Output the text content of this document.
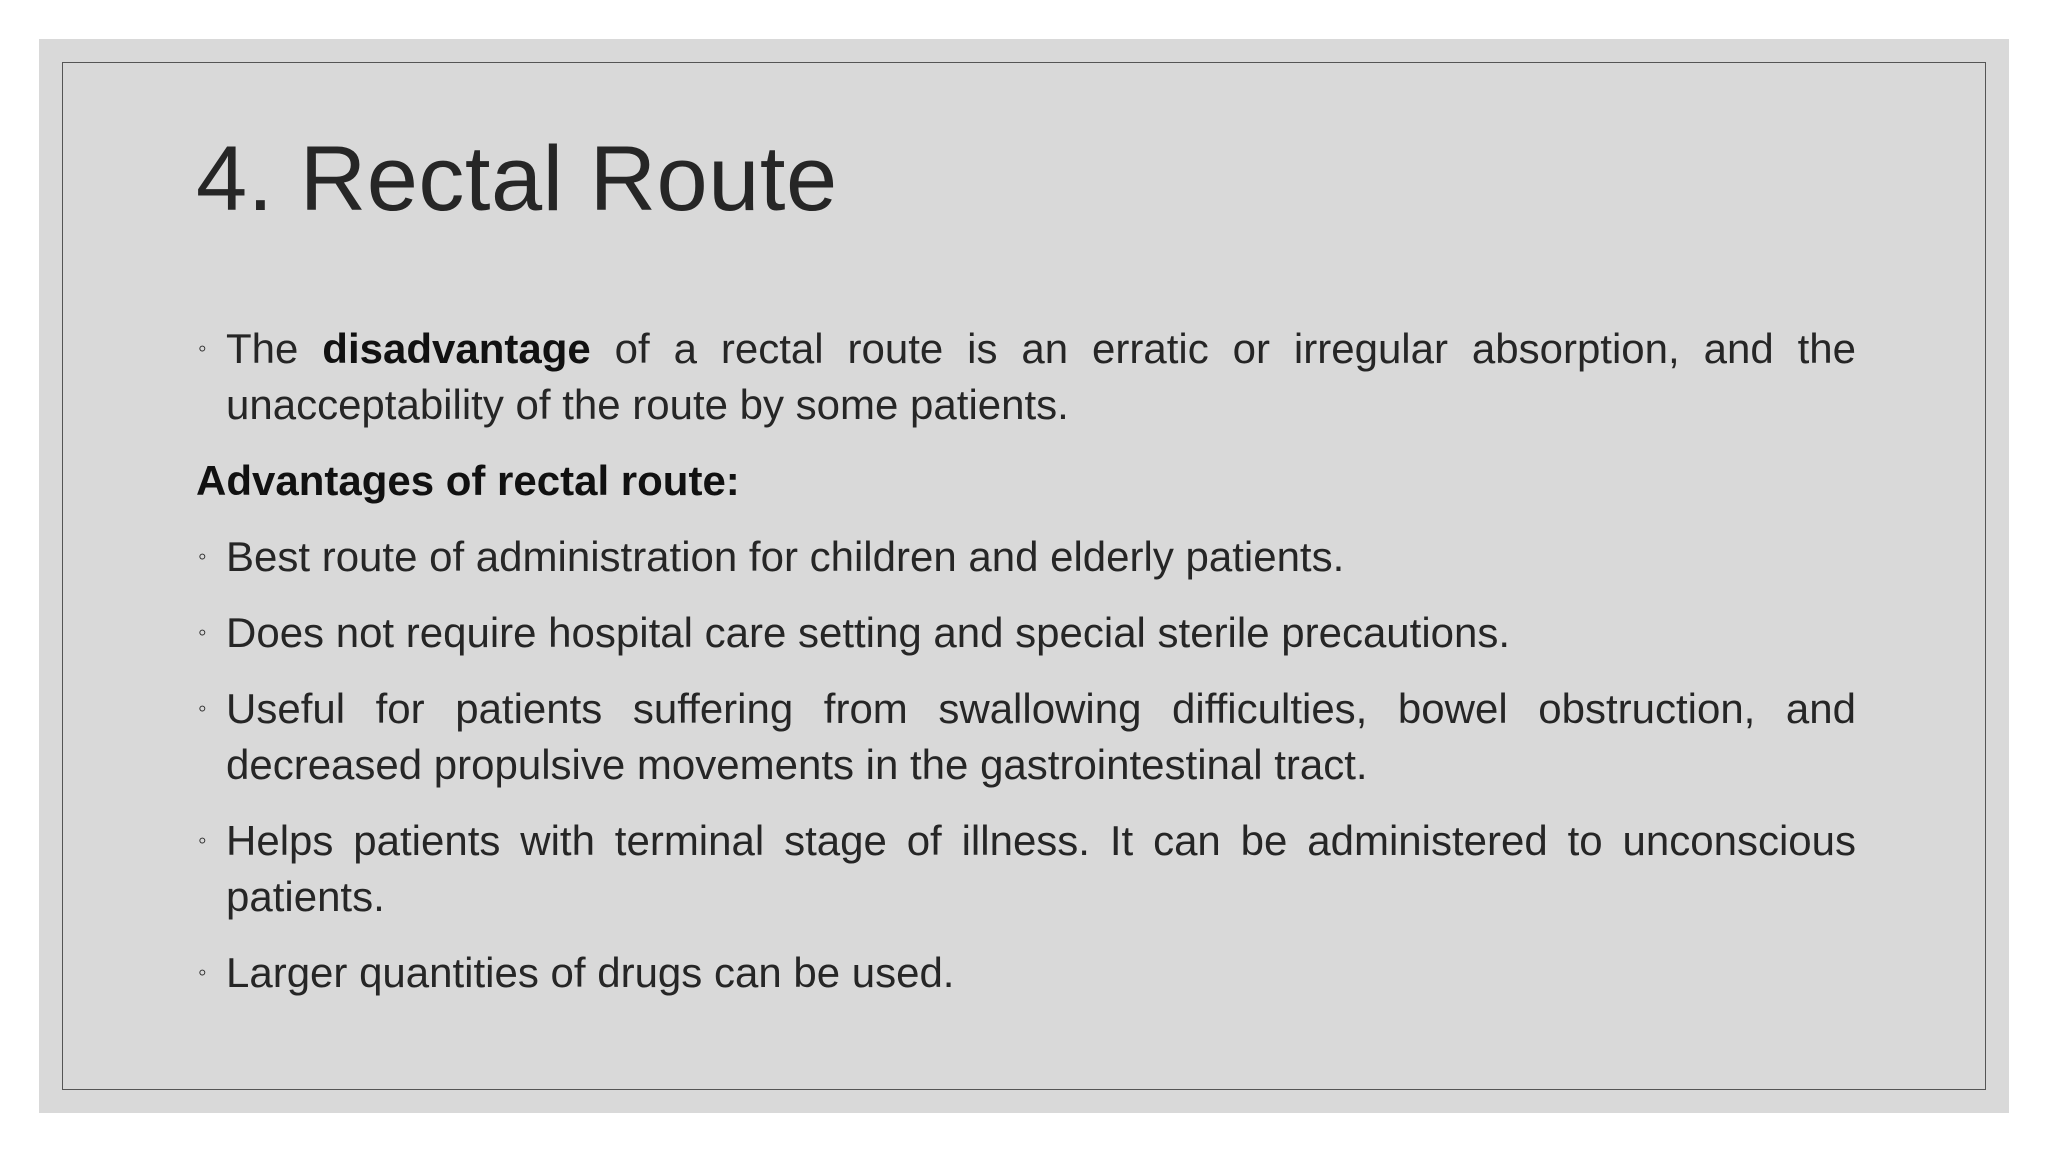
4. Rectal Route
◦ The disadvantage of a rectal route is an erratic or irregular absorption, and the unacceptability of the route by some patients.
Advantages of rectal route:
◦ Best route of administration for children and elderly patients.
◦ Does not require hospital care setting and special sterile precautions.
◦ Useful for patients suffering from swallowing difficulties, bowel obstruction, and decreased propulsive movements in the gastrointestinal tract.
◦ Helps patients with terminal stage of illness. It can be administered to unconscious patients.
◦ Larger quantities of drugs can be used.
